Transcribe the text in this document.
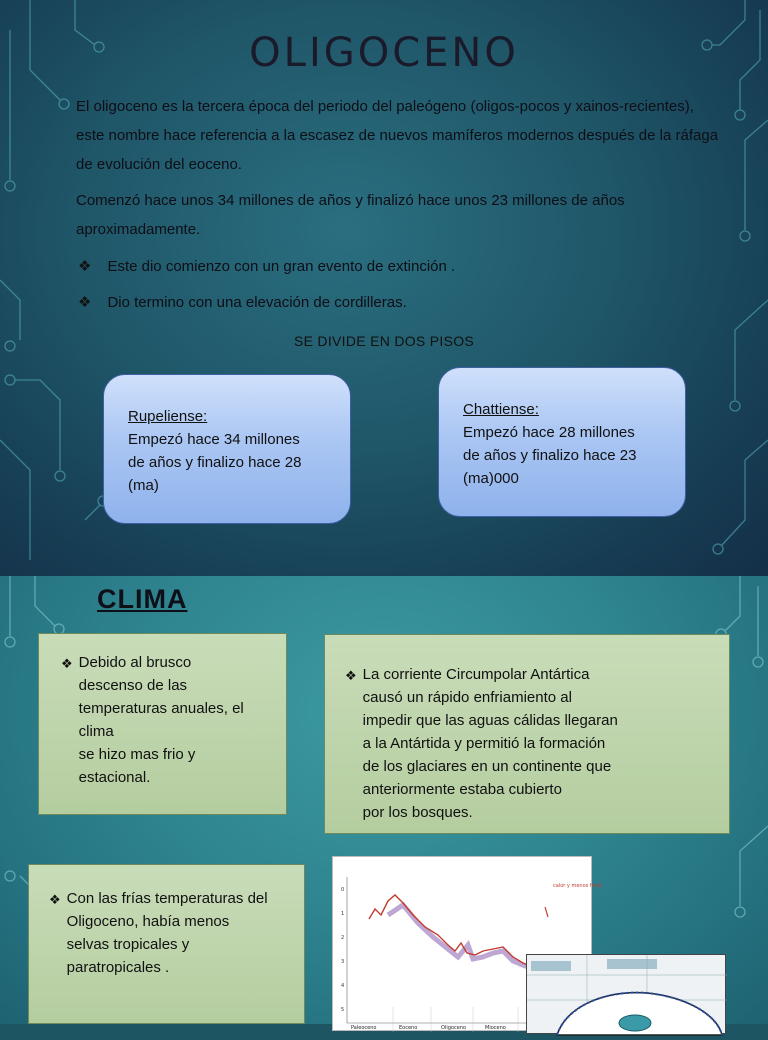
OLIGOCENO
El oligoceno es la tercera época del periodo del paleógeno (oligos-pocos y xainos-recientes), este nombre hace referencia a la escasez de nuevos mamíferos modernos después de la ráfaga de evolución del eoceno.
Comenzó hace unos 34 millones de años y finalizó hace unos 23 millones de años aproximadamente.
❖ Este dio comienzo con un gran evento de extinción .
❖ Dio termino con una elevación de cordilleras.
SE DIVIDE EN DOS PISOS
Rupeliense:
Empezó hace 34 millones
de años y finalizo hace 28
(ma)
Chattiense:
Empezó hace 28 millones
de años y finalizo hace 23
(ma)000
CLIMA
❖ Debido al brusco
descenso de las
temperaturas anuales, el
clima
se hizo mas frio y
estacional.
❖ La corriente Circumpolar Antártica
causó un rápido enfriamiento al
impedir que las aguas cálidas llegaran
a la Antártida y permitió la formación
de los glaciares en un continente que
anteriormente estaba cubierto
por los bosques.
❖ Con las frías temperaturas del
Oligoceno, había menos
selvas tropicales y
paratropicales .
0
1
2
3
4
5
calor y menos hielo
Paleoceno	Eoceno	Oligoceno	Mioceno
